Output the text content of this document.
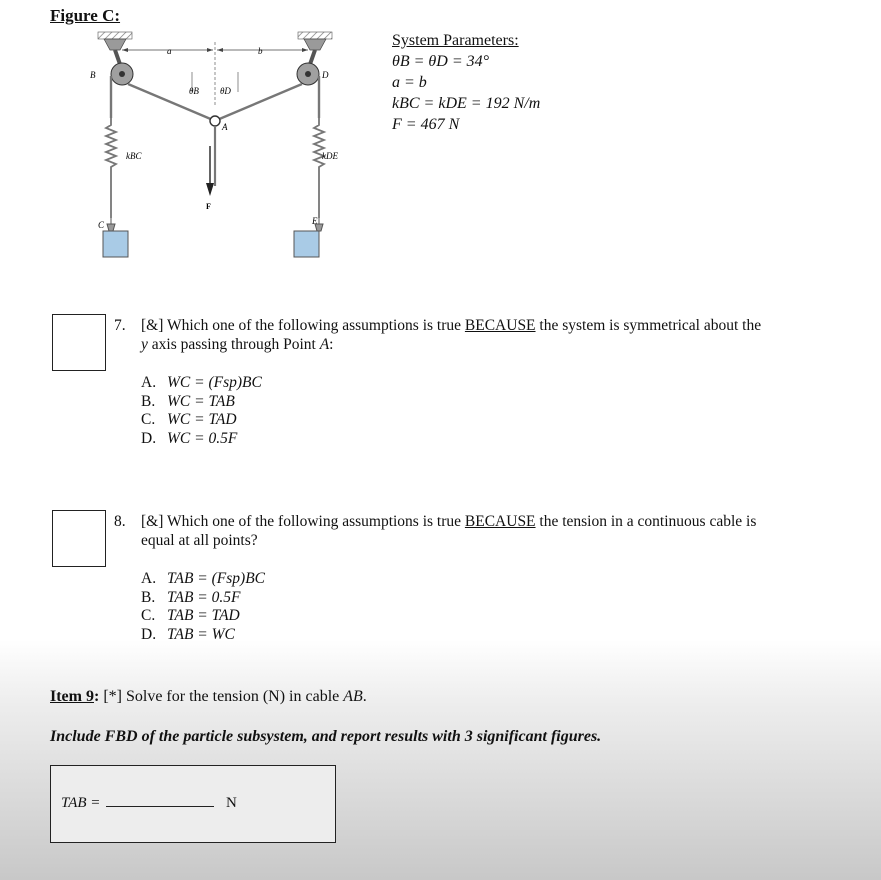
Figure C:
a	b
B	D
A
C	E
F
θB θD
kBC	kDE
System Parameters:
θB = θD = 34°
a = b
kBC = kDE = 192 N/m
F = 467 N
7. [&] Which one of the following assumptions is true BECAUSE the system is symmetrical about the
y axis passing through Point A:
A. WC = (Fsp)BC
B. WC = TAB
C. WC = TAD
D. WC = 0.5F
8. [&] Which one of the following assumptions is true BECAUSE the tension in a continuous cable is
equal at all points?
A. TAB = (Fsp)BC
B. TAB = 0.5F
C. TAB = TAD
D. TAB = WC
Item 9: [*] Solve for the tension (N) in cable AB.
Include FBD of the particle subsystem, and report results with 3 significant figures.
TAB =	N
